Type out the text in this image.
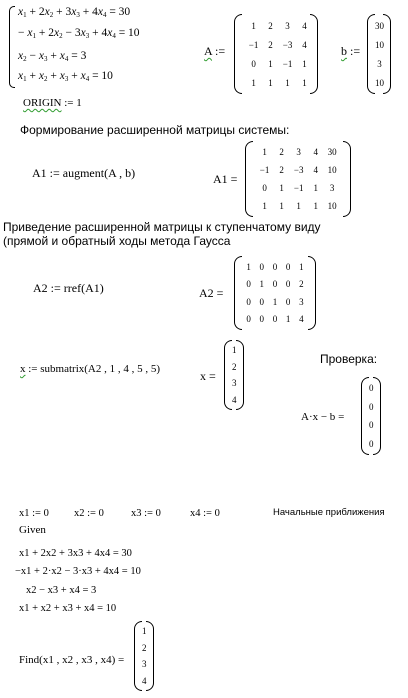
$x_1 + 2x_2 + 3x_3 + 4x_4 = 30$
− $x_1 + 2x_2 - 3x_3 + 4x_4 = 10$
$x_2 - x_3 + x_4 = 3$
$x_1 + x_2 + x_3 + x_4 = 10$
A :=
1	2	3	4
−1	2	−3	4
0	1	−1	1
1	1	1	1
b :=
30
10
3
10
ORIGIN := 1
Формирование расширенной матрицы системы:
A1 := augment(A , b)	A1 =
1	2	3	4	30
−1	2	−3	4	10
0	1	−1	1	3
1	1	1	1	10
Приведение расширенной матрицы к ступенчатому виду
(прямой и обратный ходы метода Гаусса
A2 := rref(A1)	A2 =
1	0	0	0	1
0	1	0	0	2
0	0	1	0	3
0	0	0	1	4
x := submatrix(A2 , 1 , 4 , 5 , 5)	x =
1
2
3
4
Проверка:
A·x − b =
0
0
0
0
x1 := 0 x2 := 0	x3 := 0	x4 := 0	Начальные приближения
Given
x1 + 2x2 + 3x3 + 4x4 = 30
−x1 + 2·x2 − 3·x3 + 4x4 = 10
x2 − x3 + x4 = 3
x1 + x2 + x3 + x4 = 10
Find(x1 , x2 , x3 , x4) =
1
2
3
4
